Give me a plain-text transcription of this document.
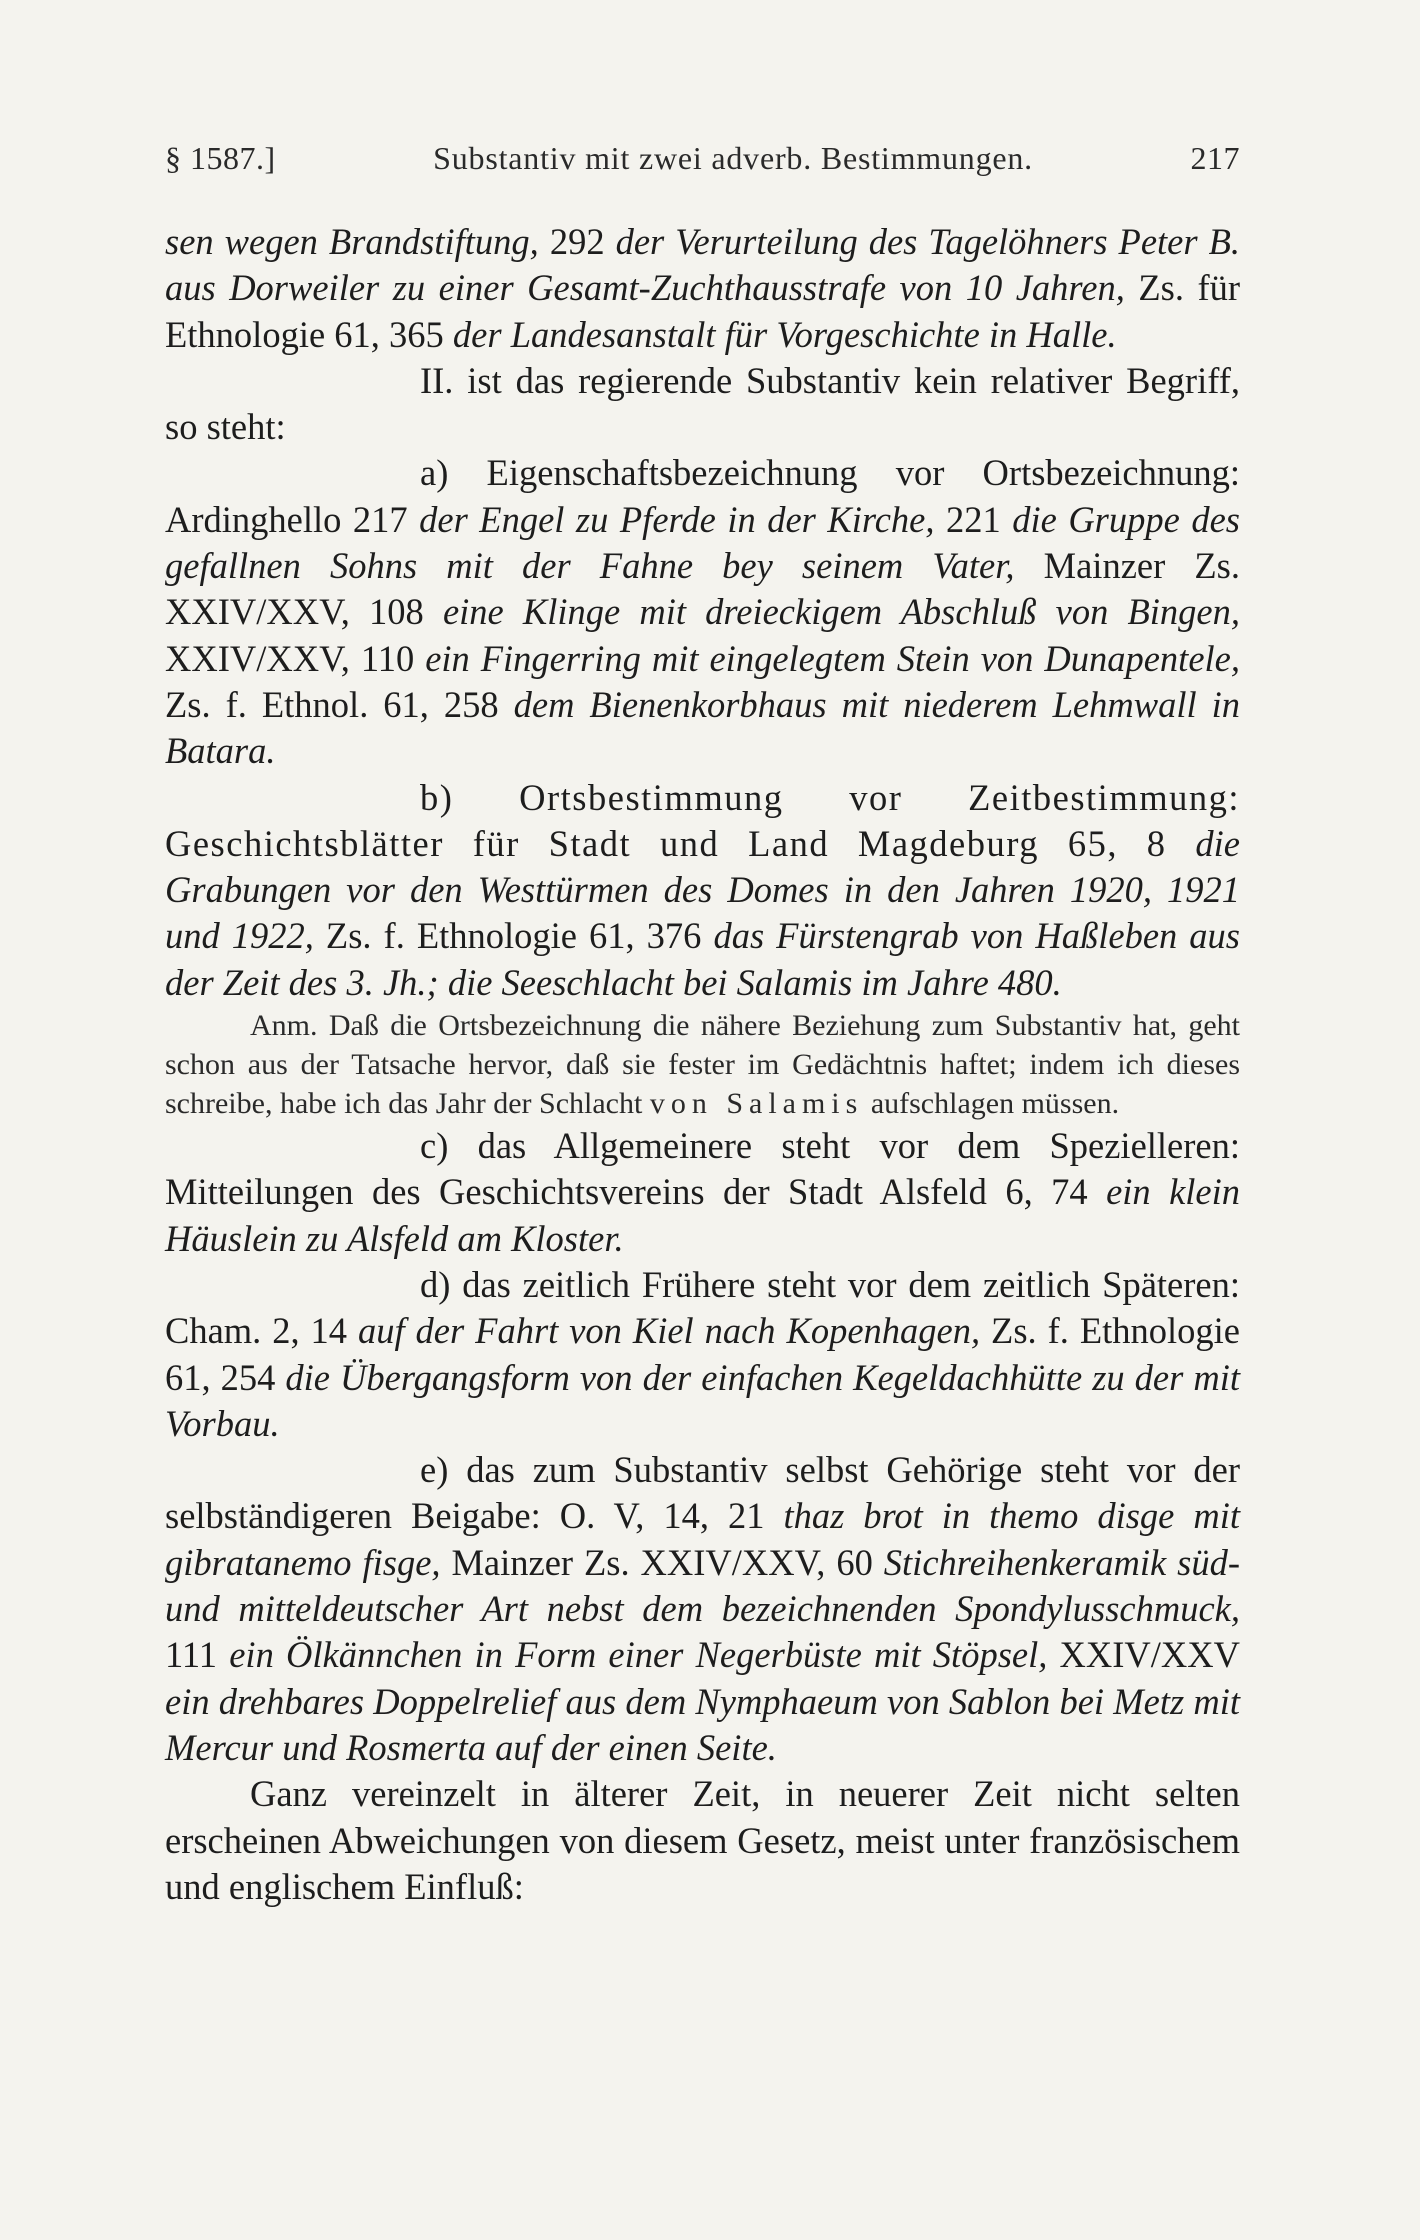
§ 1587.]	Substantiv mit zwei adverb. Bestimmungen.	217

sen wegen Brandstiftung, 292 der Verurteilung des Tagelöhners Peter B. aus Dorweiler zu einer Gesamt-Zuchthausstrafe von 10 Jahren, Zs. für Ethnologie 61, 365 der Landesanstalt für Vorgeschichte in Halle.

II. ist das regierende Substantiv kein relativer Begriff, so steht:

a) Eigenschaftsbezeichnung vor Ortsbezeichnung: Ardinghello 217 der Engel zu Pferde in der Kirche, 221 die Gruppe des gefallnen Sohns mit der Fahne bey seinem Vater, Mainzer Zs. XXIV/XXV, 108 eine Klinge mit dreieckigem Abschluß von Bingen, XXIV/XXV, 110 ein Fingerring mit eingelegtem Stein von Dunapentele, Zs. f. Ethnol. 61, 258 dem Bienenkorbhaus mit niederem Lehmwall in Batara.

b) Ortsbestimmung vor Zeitbestimmung: Geschichtsblätter für Stadt und Land Magdeburg 65, 8 die Grabungen vor den Westtürmen des Domes in den Jahren 1920, 1921 und 1922, Zs. f. Ethnologie 61, 376 das Fürstengrab von Haßleben aus der Zeit des 3. Jh.; die Seeschlacht bei Salamis im Jahre 480.

Anm. Daß die Ortsbezeichnung die nähere Beziehung zum Substantiv hat, geht schon aus der Tatsache hervor, daß sie fester im Gedächtnis haftet; indem ich dieses schreibe, habe ich das Jahr der Schlacht von Salamis aufschlagen müssen.

c) das Allgemeinere steht vor dem Spezielleren: Mitteilungen des Geschichtsvereins der Stadt Alsfeld 6, 74 ein klein Häuslein zu Alsfeld am Kloster.

d) das zeitlich Frühere steht vor dem zeitlich Späteren: Cham. 2, 14 auf der Fahrt von Kiel nach Kopenhagen, Zs. f. Ethnologie 61, 254 die Übergangsform von der einfachen Kegeldachhütte zu der mit Vorbau.

e) das zum Substantiv selbst Gehörige steht vor der selbständigeren Beigabe: O. V, 14, 21 thaz brot in themo disge mit gibratanemo fisge, Mainzer Zs. XXIV/XXV, 60 Stichreihenkeramik süd- und mitteldeutscher Art nebst dem bezeichnenden Spondylusschmuck, 111 ein Ölkännchen in Form einer Negerbüste mit Stöpsel, XXIV/XXV ein drehbares Doppelrelief aus dem Nymphaeum von Sablon bei Metz mit Mercur und Rosmerta auf der einen Seite.

Ganz vereinzelt in älterer Zeit, in neuerer Zeit nicht selten erscheinen Abweichungen von diesem Gesetz, meist unter französischem und englischem Einfluß:
